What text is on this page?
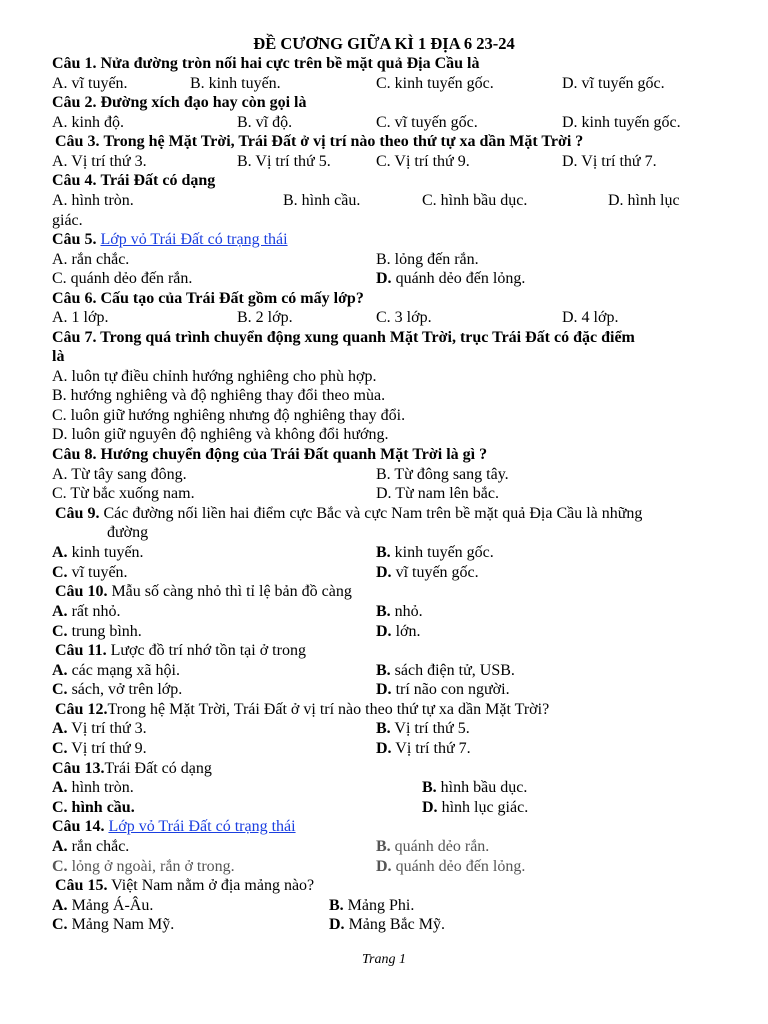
ĐỀ CƯƠNG GIỮA KÌ 1 ĐỊA 6 23-24
Câu 1. Nửa đường tròn nối hai cực trên bề mặt quả Địa Cầu là
A. vĩ tuyến.	B. kinh tuyến.	C. kinh tuyến gốc.	D. vĩ tuyến gốc.
Câu 2. Đường xích đạo hay còn gọi là
A. kinh độ.	B. vĩ độ.	C. vĩ tuyến gốc.	D. kinh tuyến gốc.
Câu 3. Trong hệ Mặt Trời, Trái Đất ở vị trí nào theo thứ tự xa dần Mặt Trời ?
A. Vị trí thứ 3.	B. Vị trí thứ 5.	C. Vị trí thứ 9.	D. Vị trí thứ 7.
Câu 4. Trái Đất có dạng
A. hình tròn.	B. hình cầu.	C. hình bầu dục.	D. hình lục
giác.
Câu 5. Lớp vỏ Trái Đất có trạng thái
A. rắn chắc.	B. lỏng đến rắn.
C. quánh dẻo đến rắn.	D. quánh dẻo đến lỏng.
Câu 6. Cấu tạo của Trái Đất gồm có mấy lớp?
A. 1 lớp.	B. 2 lớp.	C. 3 lớp.	D. 4 lớp.
Câu 7. Trong quá trình chuyển động xung quanh Mặt Trời, trục Trái Đất có đặc điểm
là
A. luôn tự điều chỉnh hướng nghiêng cho phù hợp.
B. hướng nghiêng và độ nghiêng thay đổi theo mùa.
C. luôn giữ hướng nghiêng nhưng độ nghiêng thay đổi.
D. luôn giữ nguyên độ nghiêng và không đổi hướng.
Câu 8. Hướng chuyển động của Trái Đất quanh Mặt Trời là gì ?
A. Từ tây sang đông.	B. Từ đông sang tây.
C. Từ bắc xuống nam.	D. Từ nam lên bắc.
Câu 9. Các đường nối liền hai điểm cực Bắc và cực Nam trên bề mặt quả Địa Cầu là những
đường
A. kinh tuyến.	B. kinh tuyến gốc.
C. vĩ tuyến.	D. vĩ tuyến gốc.
Câu 10. Mẫu số càng nhỏ thì tỉ lệ bản đồ càng
A. rất nhỏ.	B. nhỏ.
C. trung bình.	D. lớn.
Câu 11. Lược đồ trí nhớ tồn tại ở trong
A. các mạng xã hội.	B. sách điện tử, USB.
C. sách, vở trên lớp.	D. trí não con người.
Câu 12.Trong hệ Mặt Trời, Trái Đất ở vị trí nào theo thứ tự xa dần Mặt Trời?
A. Vị trí thứ 3.	B. Vị trí thứ 5.
C. Vị trí thứ 9.	D. Vị trí thứ 7.
Câu 13.Trái Đất có dạng
A. hình tròn.	B. hình bầu dục.
C. hình cầu.	D. hình lục giác.
Câu 14. Lớp vỏ Trái Đất có trạng thái
A. rắn chắc.	B. quánh dẻo rắn.
C. lỏng ở ngoài, rắn ở trong.	D. quánh dẻo đến lỏng.
Câu 15. Việt Nam nằm ở địa mảng nào?
A. Mảng Á-Âu.	B. Mảng Phi.
C. Mảng Nam Mỹ.	D. Mảng Bắc Mỹ.
Trang 1
